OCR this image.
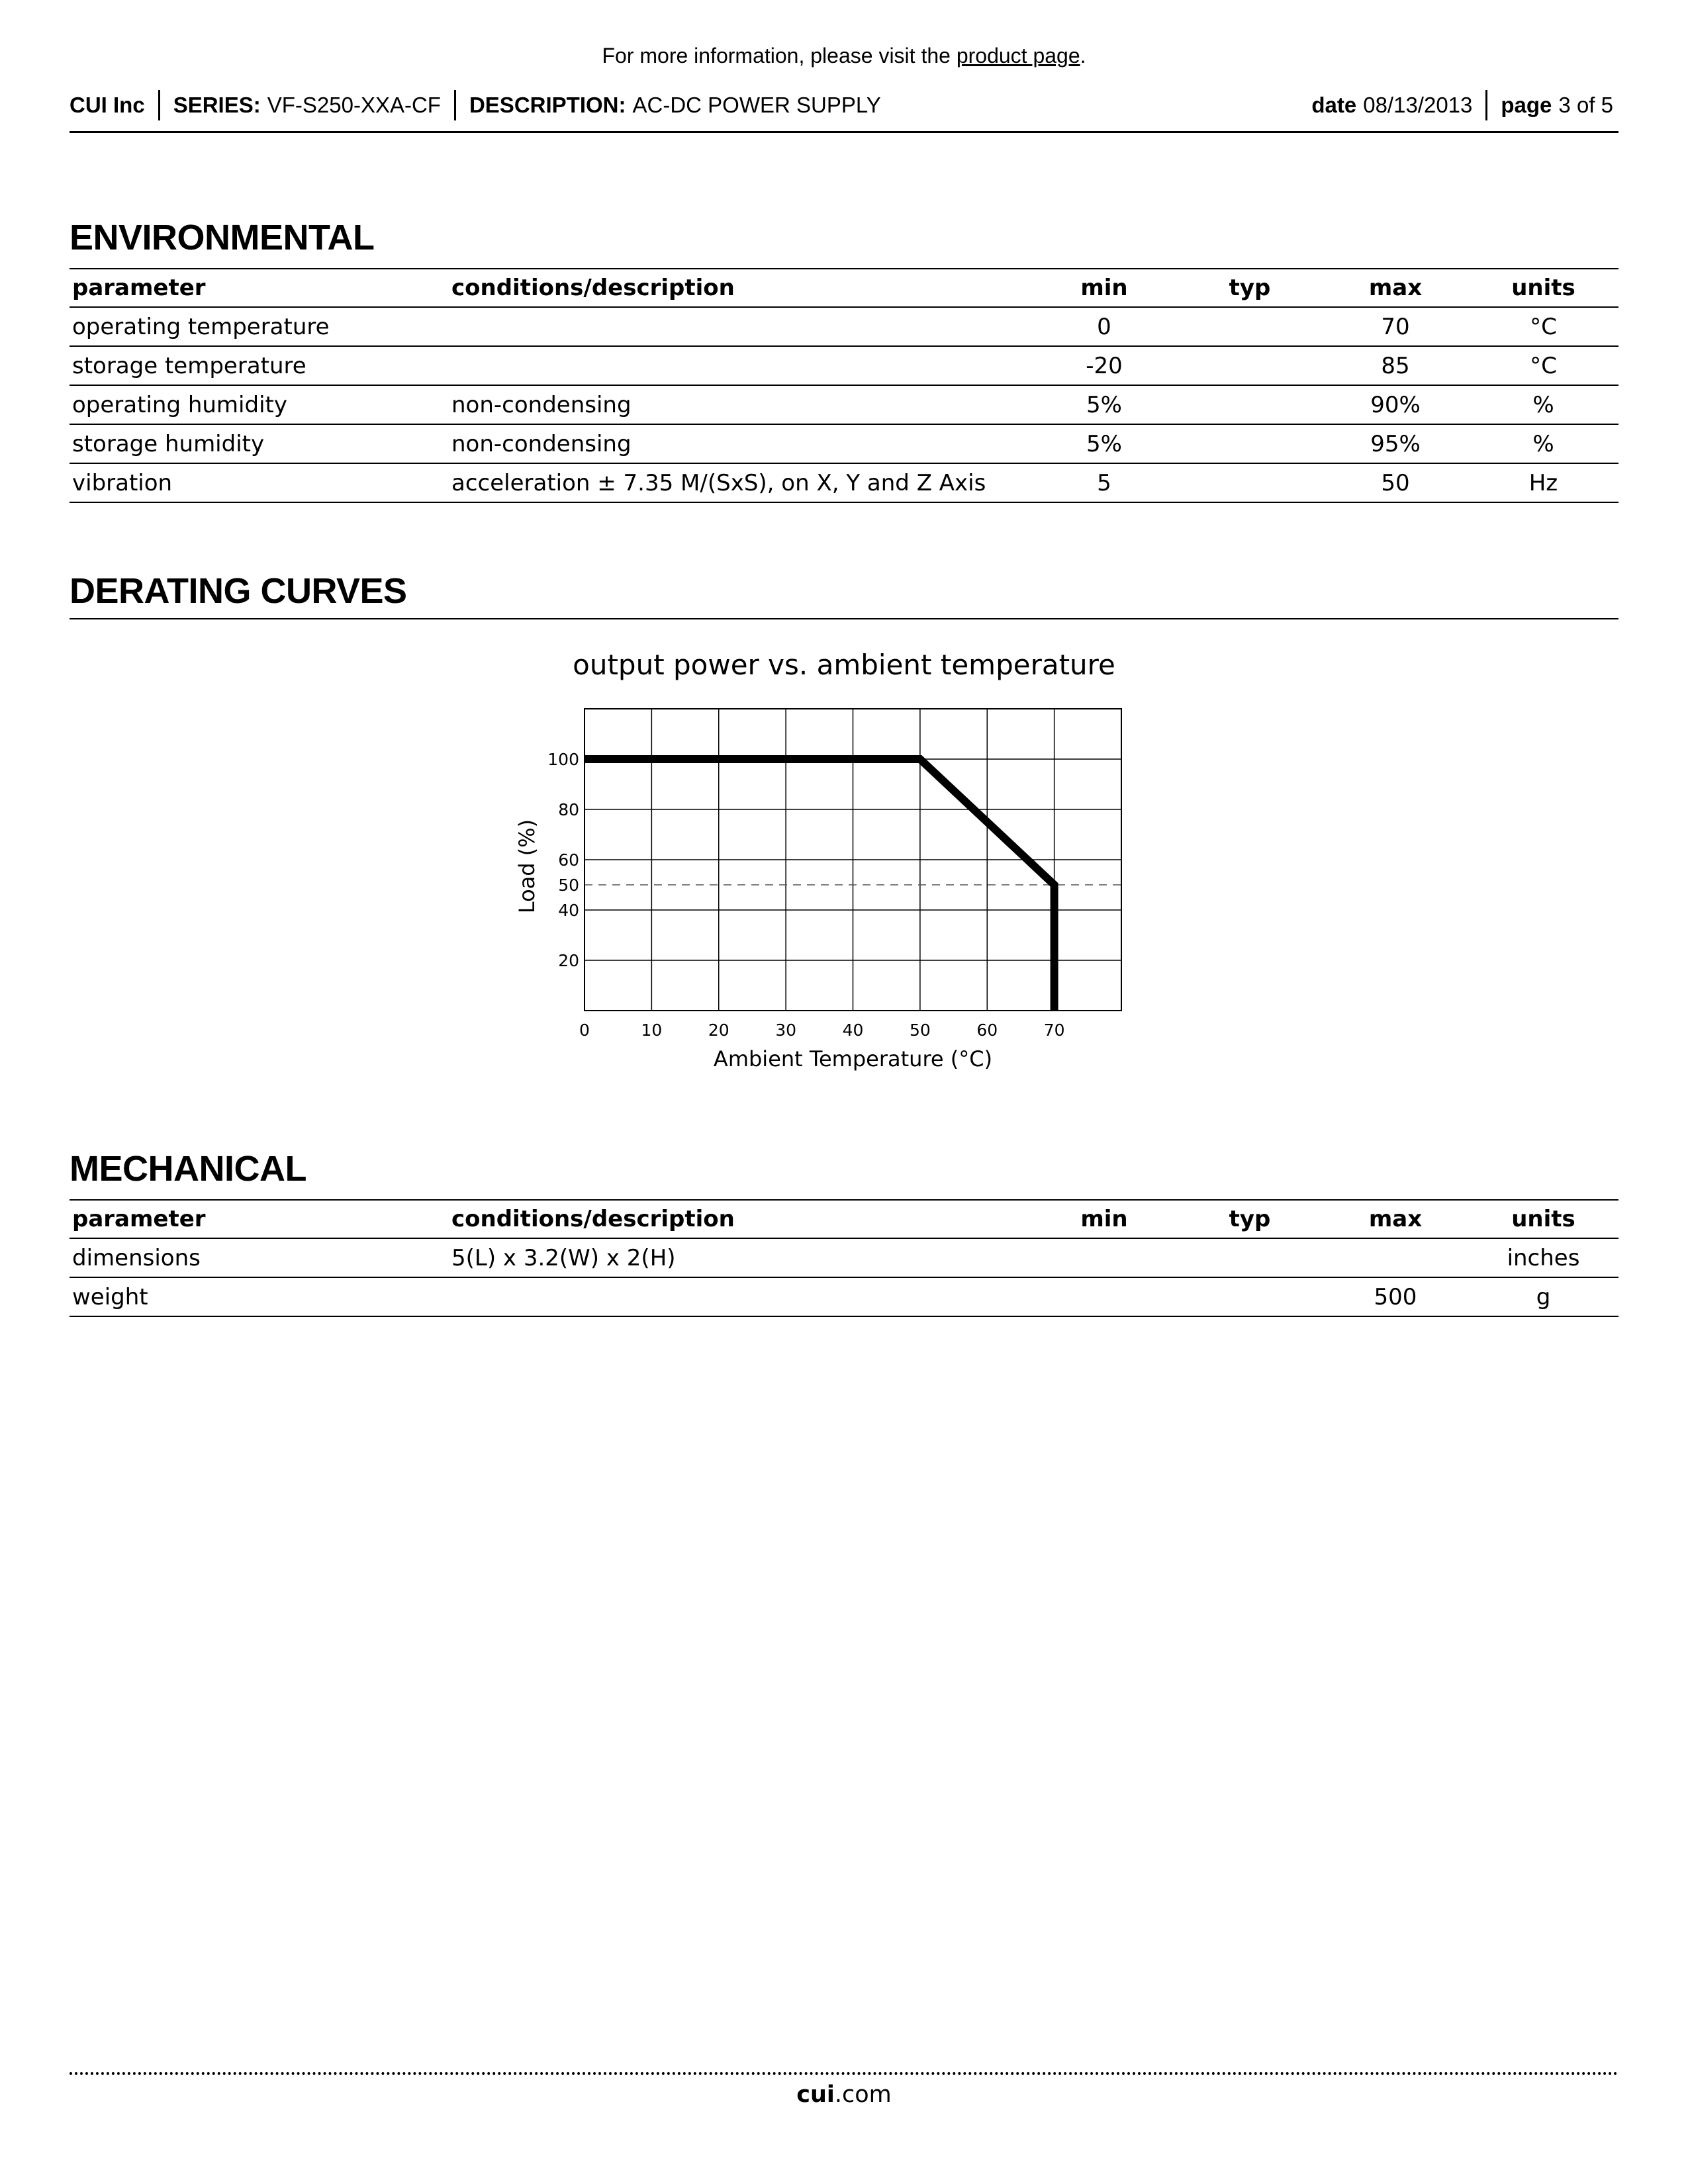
For more information, please visit the product page.
CUI Inc SERIES: VF-S250-XXA-CF DESCRIPTION: AC-DC POWER SUPPLY	date 08/13/2013 page 3 of 5
ENVIRONMENTAL
parameter	conditions/description	min	typ	max	units
operating temperature		0		70	°C
storage temperature		-20		85	°C
operating humidity	non-condensing	5%		90%	%
storage humidity	non-condensing	5%		95%	%
vibration	acceleration ± 7.35 M/(SxS), on X, Y and Z Axis	5		50	Hz
DERATING CURVES
output power vs. ambient temperature
0	10	20	30	40	50	60	70
20
40
50
60
80
100
Ambient Temperature (°C)
Load (%)
MECHANICAL
parameter	conditions/description	min	typ	max	units
dimensions	5(L) x 3.2(W) x 2(H)				inches
weight				500	g
cui.com
